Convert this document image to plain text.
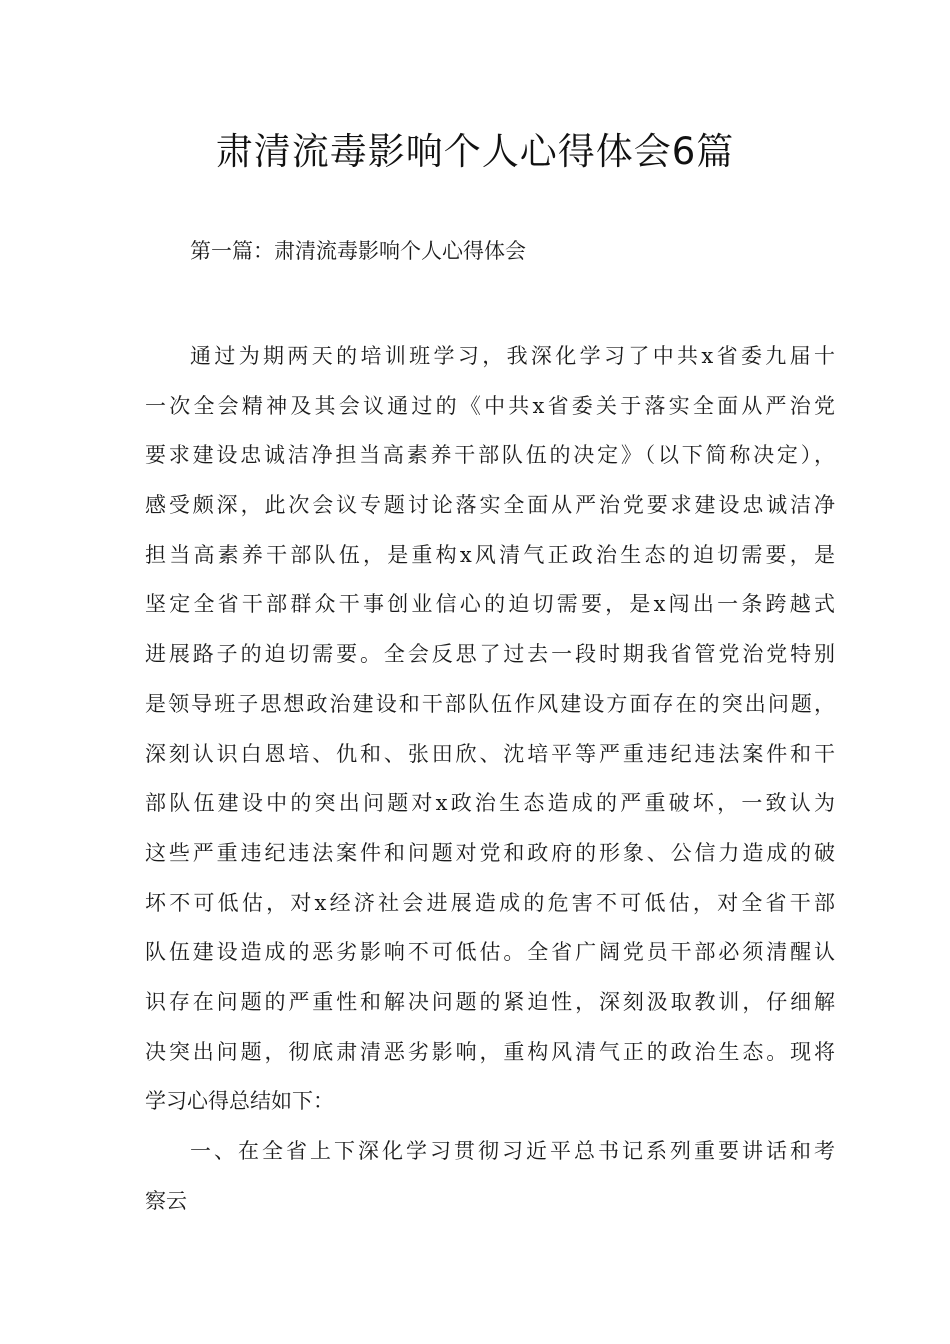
肃清流毒影响个人心得体会6篇

第一篇：肃清流毒影响个人心得体会

通过为期两天的培训班学习，我深化学习了中共x省委九届十
一次全会精神及其会议通过的《中共x省委关于落实全面从严治党
要求建设忠诚洁净担当高素养干部队伍的决定》（以下简称决定），
感受颇深，此次会议专题讨论落实全面从严治党要求建设忠诚洁净
担当高素养干部队伍，是重构x风清气正政治生态的迫切需要，是
坚定全省干部群众干事创业信心的迫切需要，是x闯出一条跨越式
进展路子的迫切需要。全会反思了过去一段时期我省管党治党特别
是领导班子思想政治建设和干部队伍作风建设方面存在的突出问题，
深刻认识白恩培、仇和、张田欣、沈培平等严重违纪违法案件和干
部队伍建设中的突出问题对x政治生态造成的严重破坏，一致认为
这些严重违纪违法案件和问题对党和政府的形象、公信力造成的破
坏不可低估，对x经济社会进展造成的危害不可低估，对全省干部
队伍建设造成的恶劣影响不可低估。全省广阔党员干部必须清醒认
识存在问题的严重性和解决问题的紧迫性，深刻汲取教训，仔细解
决突出问题，彻底肃清恶劣影响，重构风清气正的政治生态。现将
学习心得总结如下：
一、在全省上下深化学习贯彻习近平总书记系列重要讲话和考
察云
